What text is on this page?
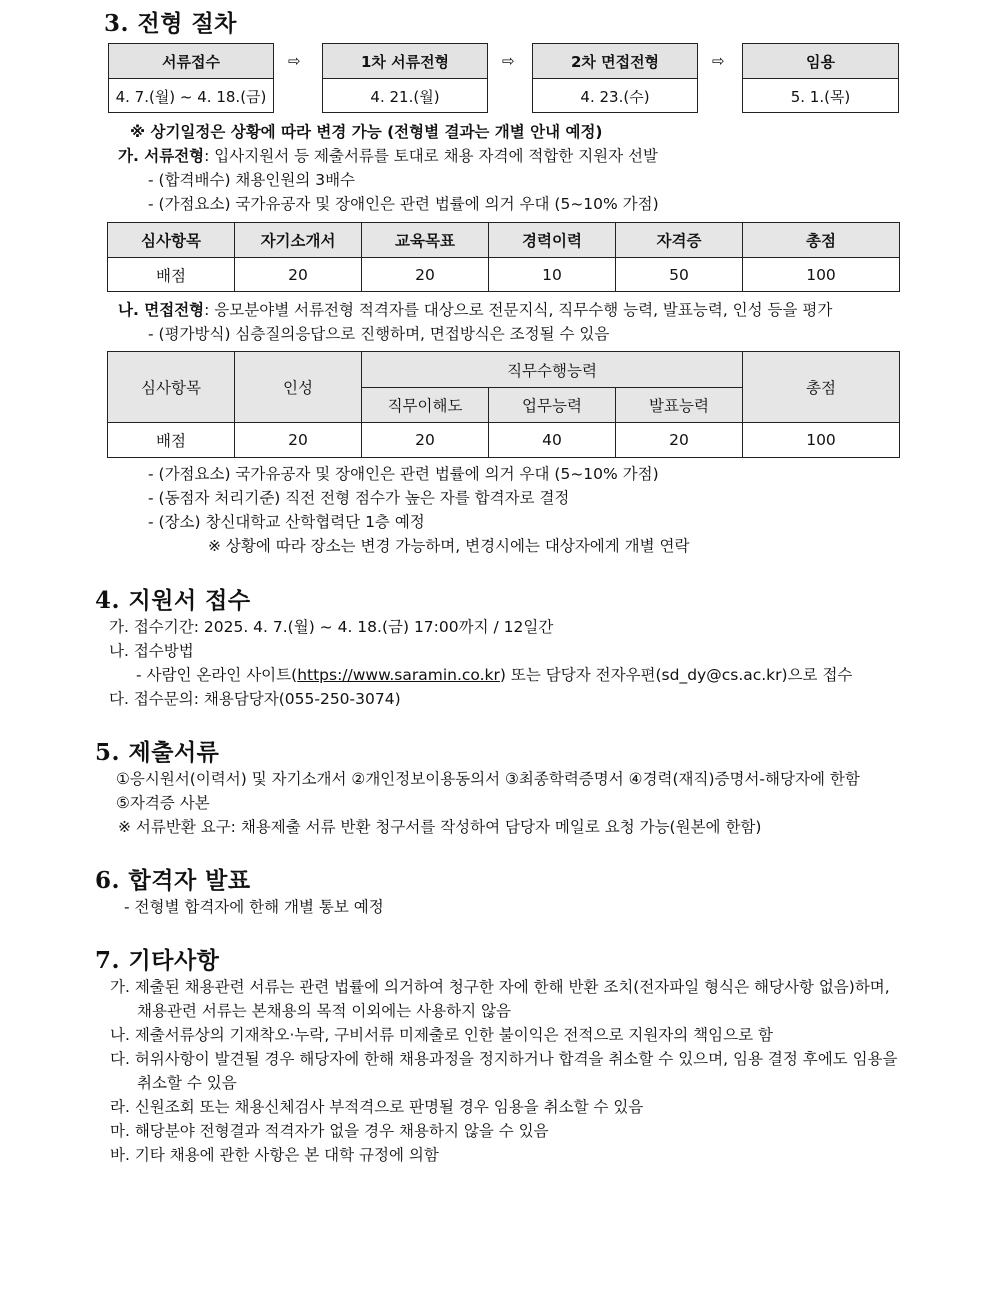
3. 전형 절차
서류접수
4. 7.(월) ~ 4. 18.(금)
⇨	1차 서류전형
4. 21.(월)
⇨	2차 면접전형
4. 23.(수)
⇨	임용
5. 1.(목)
※ 상기일정은 상황에 따라 변경 가능 (전형별 결과는 개별 안내 예정)
가. 서류전형: 입사지원서 등 제출서류를 토대로 채용 자격에 적합한 지원자 선발
- (합격배수) 채용인원의 3배수
- (가점요소) 국가유공자 및 장애인은 관련 법률에 의거 우대 (5~10% 가점)
심사항목	자기소개서	교육목표	경력이력	자격증	총점
배점	20	20	10	50	100
나. 면접전형: 응모분야별 서류전형 적격자를 대상으로 전문지식, 직무수행 능력, 발표능력, 인성 등을 평가
- (평가방식) 심층질의응답으로 진행하며, 면접방식은 조정될 수 있음
심사항목	인성	직무수행능력			총점
		직무이해도	업무능력	발표능력	
배점	20	20	40	20	100
- (가점요소) 국가유공자 및 장애인은 관련 법률에 의거 우대 (5~10% 가점)
- (동점자 처리기준) 직전 전형 점수가 높은 자를 합격자로 결정
- (장소) 창신대학교 산학협력단 1층 예정
※ 상황에 따라 장소는 변경 가능하며, 변경시에는 대상자에게 개별 연락
4. 지원서 접수
가. 접수기간: 2025. 4. 7.(월) ~ 4. 18.(금) 17:00까지 / 12일간
나. 접수방법
- 사람인 온라인 사이트(https://www.saramin.co.kr) 또는 담당자 전자우편(sd_dy@cs.ac.kr)으로 접수
다. 접수문의: 채용담당자(055-250-3074)
5. 제출서류
①응시원서(이력서) 및 자기소개서 ②개인정보이용동의서 ③최종학력증명서 ④경력(재직)증명서-해당자에 한함
⑤자격증 사본
※ 서류반환 요구: 채용제출 서류 반환 청구서를 작성하여 담당자 메일로 요청 가능(원본에 한함)
6. 합격자 발표
- 전형별 합격자에 한해 개별 통보 예정
7. 기타사항
가. 제출된 채용관련 서류는 관련 법률에 의거하여 청구한 자에 한해 반환 조치(전자파일 형식은 해당사항 없음)하며,
채용관련 서류는 본채용의 목적 이외에는 사용하지 않음
나. 제출서류상의 기재착오·누락, 구비서류 미제출로 인한 불이익은 전적으로 지원자의 책임으로 함
다. 허위사항이 발견될 경우 해당자에 한해 채용과정을 정지하거나 합격을 취소할 수 있으며, 임용 결정 후에도 임용을
취소할 수 있음
라. 신원조회 또는 채용신체검사 부적격으로 판명될 경우 임용을 취소할 수 있음
마. 해당분야 전형결과 적격자가 없을 경우 채용하지 않을 수 있음
바. 기타 채용에 관한 사항은 본 대학 규정에 의함
